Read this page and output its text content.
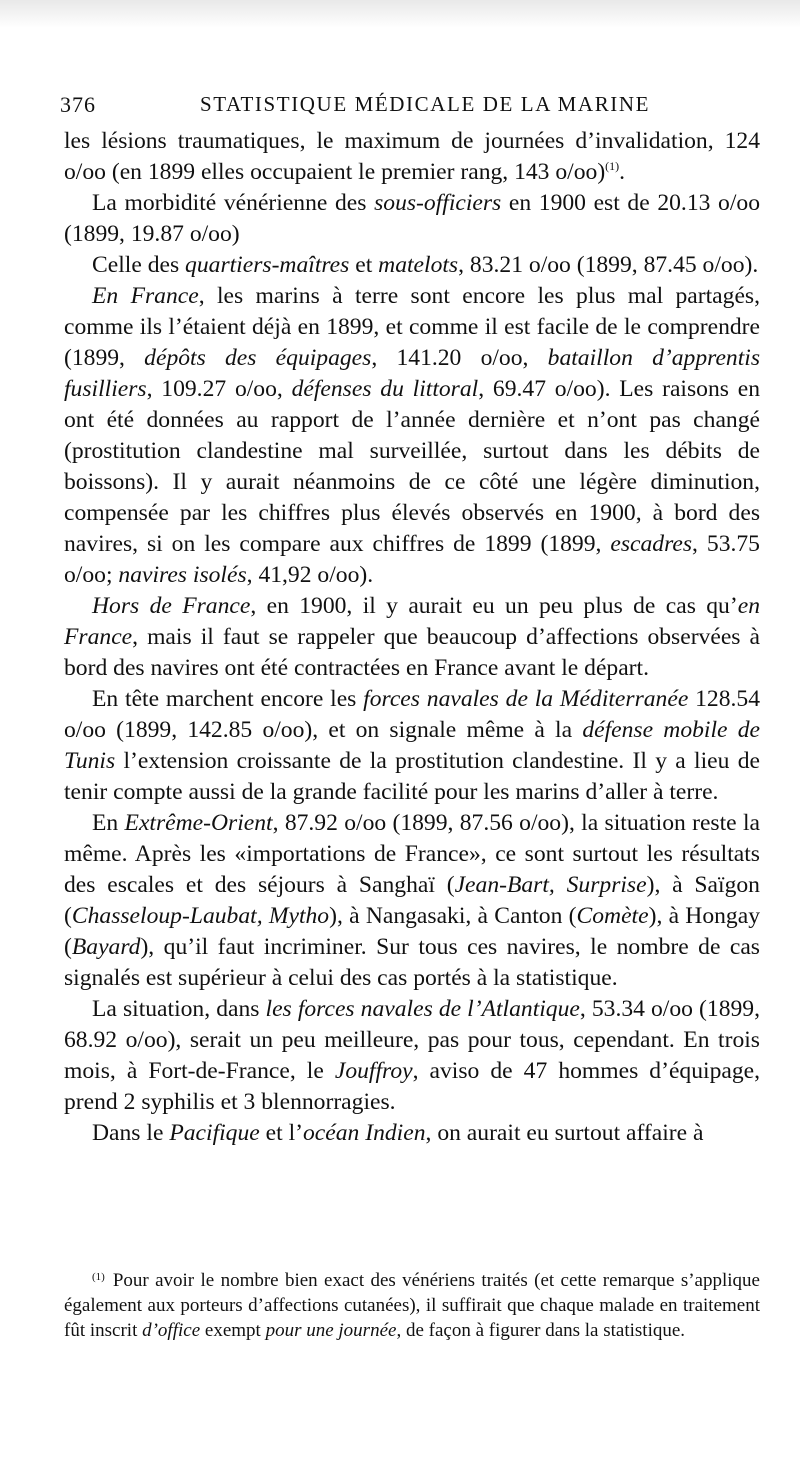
376	STATISTIQUE MÉDICALE DE LA MARINE

les lésions traumatiques, le maximum de journées d’invalidation, 124 o/oo (en 1899 elles occupaient le premier rang, 143 o/oo)$^{(1)}$.

La morbidité vénérienne des sous-officiers en 1900 est de 20.13 o/oo (1899, 19.87 o/oo)

Celle des quartiers-maîtres et matelots, 83.21 o/oo (1899, 87.45 o/oo).

En France, les marins à terre sont encore les plus mal partagés, comme ils l’étaient déjà en 1899, et comme il est facile de le comprendre (1899, dépôts des équipages, 141.20 o/oo, bataillon d’apprentis fusilliers, 109.27 o/oo, défenses du littoral, 69.47 o/oo). Les raisons en ont été données au rapport de l’année dernière et n’ont pas changé (prostitution clandestine mal surveillée, surtout dans les débits de boissons). Il y aurait néanmoins de ce côté une légère diminution, compensée par les chiffres plus élevés observés en 1900, à bord des navires, si on les compare aux chiffres de 1899 (1899, escadres, 53.75 o/oo; navires isolés, 41,92 o/oo).

Hors de France, en 1900, il y aurait eu un peu plus de cas qu’en France, mais il faut se rappeler que beaucoup d’affections observées à bord des navires ont été contractées en France avant le départ.

En tête marchent encore les forces navales de la Méditerranée 128.54 o/oo (1899, 142.85 o/oo), et on signale même à la défense mobile de Tunis l’extension croissante de la prostitution clandestine. Il y a lieu de tenir compte aussi de la grande facilité pour les marins d’aller à terre.

En Extrême-Orient, 87.92 o/oo (1899, 87.56 o/oo), la situation reste la même. Après les «importations de France», ce sont surtout les résultats des escales et des séjours à Sanghaï (Jean-Bart, Surprise), à Saïgon (Chasseloup-Laubat, Mytho), à Nangasaki, à Canton (Comète), à Hongay (Bayard), qu’il faut incriminer. Sur tous ces navires, le nombre de cas signalés est supérieur à celui des cas portés à la statistique.

La situation, dans les forces navales de l’Atlantique, 53.34 o/oo (1899, 68.92 o/oo), serait un peu meilleure, pas pour tous, cependant. En trois mois, à Fort-de-France, le Jouffroy, aviso de 47 hommes d’équipage, prend 2 syphilis et 3 blennorragies.

Dans le Pacifique et l’océan Indien, on aurait eu surtout affaire à

$^{(1)}$ Pour avoir le nombre bien exact des vénériens traités (et cette remarque s’applique également aux porteurs d’affections cutanées), il suffirait que chaque malade en traitement fût inscrit d’office exempt pour une journée, de façon à figurer dans la statistique.
